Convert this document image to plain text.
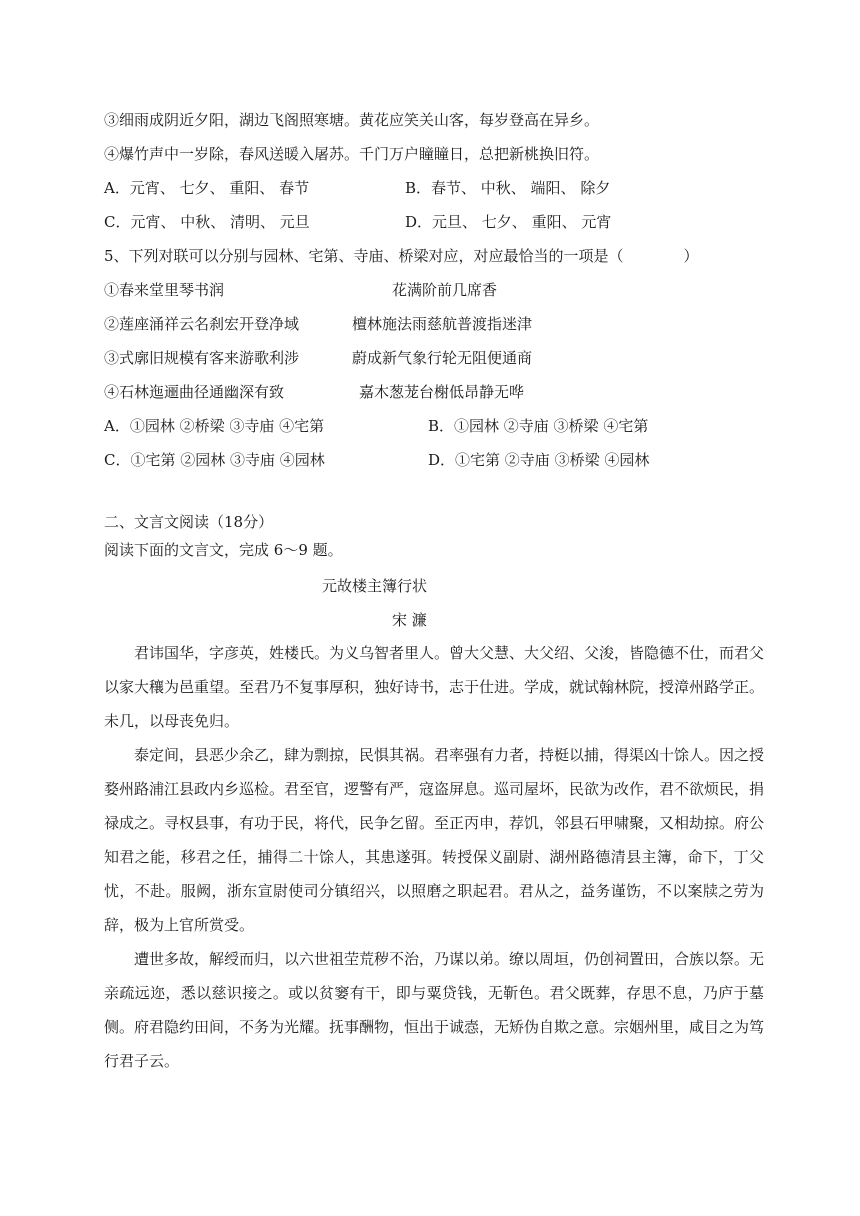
③细雨成阴近夕阳，湖边飞阁照寒塘。黄花应笑关山客，每岁登高在异乡。
④爆竹声中一岁除，春风送暖入屠苏。千门万户瞳瞳日，总把新桃换旧符。
A．元宵、 七夕、 重阳、 春节	B．春节、 中秋、 端阳、 除夕
C．元宵、 中秋、 清明、 元旦	D．元旦、 七夕、 重阳、 元宵
5、下列对联可以分别与园林、宅第、寺庙、桥梁对应，对应最恰当的一项是（　　　　）
①春来堂里琴书润	花满阶前几席香
②莲座涌祥云名刹宏开登净域	檀林施法雨慈航普渡指迷津
③式廓旧规模有客来游歌利涉	蔚成新气象行轮无阻便通商
④石林迤逦曲径通幽深有致	嘉木葱茏台榭低昂静无哗
A．①园林 ②桥梁 ③寺庙 ④宅第	B．①园林 ②寺庙 ③桥梁 ④宅第
C．①宅第 ②园林 ③寺庙 ④园林	D．①宅第 ②寺庙 ③桥梁 ④园林
二、文言文阅读（18分）
阅读下面的文言文，完成 6～9 题。
元故楼主簿行状
宋 濂
君讳国华，字彦英，姓楼氏。为义乌智者里人。曾大父慧、大父绍、父浚，皆隐德不仕，而君父以家大穰为邑重望。至君乃不复事厚积，独好诗书，志于仕进。学成，就试翰林院，授漳州路学正。未几，以母丧免归。
泰定间，县恶少余乙，肆为剽掠，民惧其祸。君率强有力者，持梃以捕，得渠凶十馀人。因之授婺州路浦江县政内乡巡检。君至官，逻警有严，寇盗屏息。巡司屋坏，民欲为改作，君不欲烦民，捐禄成之。寻权县事，有功于民，将代，民争乞留。至正丙申，荐饥，邻县石甲啸聚，又相劫掠。府公知君之能，移君之任，捕得二十馀人，其患遂弭。转授保义副尉、湖州路德清县主簿，命下，丁父忧，不赴。服阙，浙东宣尉使司分镇绍兴，以照磨之职起君。君从之，益务谨饬，不以案牍之劳为辞，极为上官所赏受。
遭世多故，解绶而归，以六世祖茔荒秽不治，乃谋以弟。缭以周垣，仍创祠置田，合族以祭。无亲疏远迩，悉以慈识接之。或以贫窭有干，即与粟贷钱，无靳色。君父既葬，存思不息，乃庐于墓侧。府君隐约田间，不务为光耀。抚事酬物，恒出于诚悫，无矫伪自欺之意。宗姻州里，咸目之为笃行君子云。
